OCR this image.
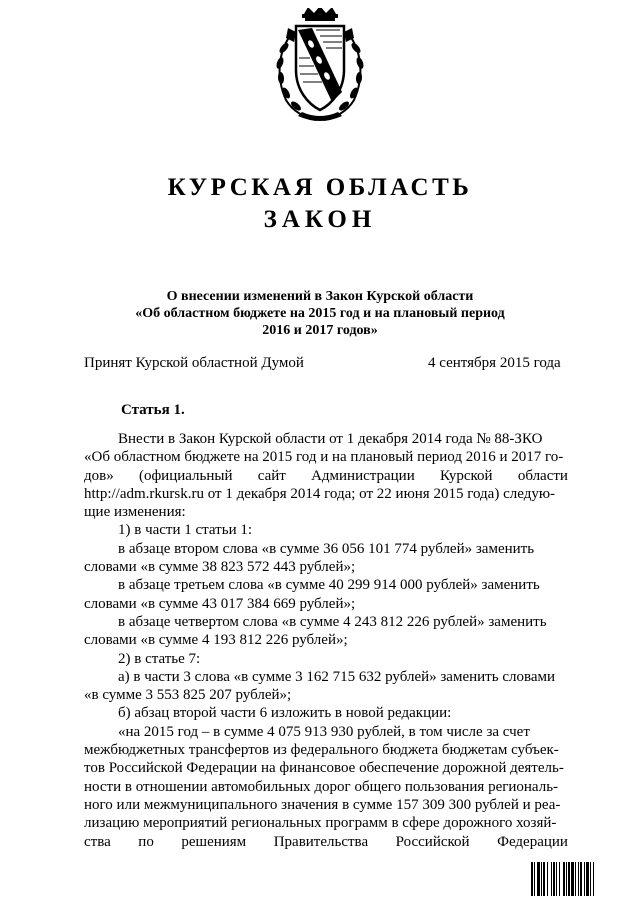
КУРСКАЯ ОБЛАСТЬ
ЗАКОН
О внесении изменений в Закон Курской области
«Об областном бюджете на 2015 год и на плановый период
2016 и 2017 годов»
Принят Курской областной Думой	4 сентября 2015 года
Статья 1.
Внести в Закон Курской области от 1 декабря 2014 года № 88-ЗКО
«Об областном бюджете на 2015 год и на плановый период 2016 и 2017 го-
дов» (официальный сайт Администрации Курской области
http://adm.rkursk.ru от 1 декабря 2014 года; от 22 июня 2015 года) следую-
щие изменения:
1) в части 1 статьи 1:
в абзаце втором слова «в сумме 36 056 101 774 рублей» заменить
словами «в сумме 38 823 572 443 рублей»;
в абзаце третьем слова «в сумме 40 299 914 000 рублей» заменить
словами «в сумме 43 017 384 669 рублей»;
в абзаце четвертом слова «в сумме 4 243 812 226 рублей» заменить
словами «в сумме 4 193 812 226 рублей»;
2) в статье 7:
а) в части 3 слова «в сумме 3 162 715 632 рублей» заменить словами
«в сумме 3 553 825 207 рублей»;
б) абзац второй части 6 изложить в новой редакции:
«на 2015 год – в сумме 4 075 913 930 рублей, в том числе за счет
межбюджетных трансфертов из федерального бюджета бюджетам субъек-
тов Российской Федерации на финансовое обеспечение дорожной деятель-
ности в отношении автомобильных дорог общего пользования региональ-
ного или межмуниципального значения в сумме 157 309 300 рублей и реа-
лизацию мероприятий региональных программ в сфере дорожного хозяй-
ства по решениям Правительства Российской Федерации
